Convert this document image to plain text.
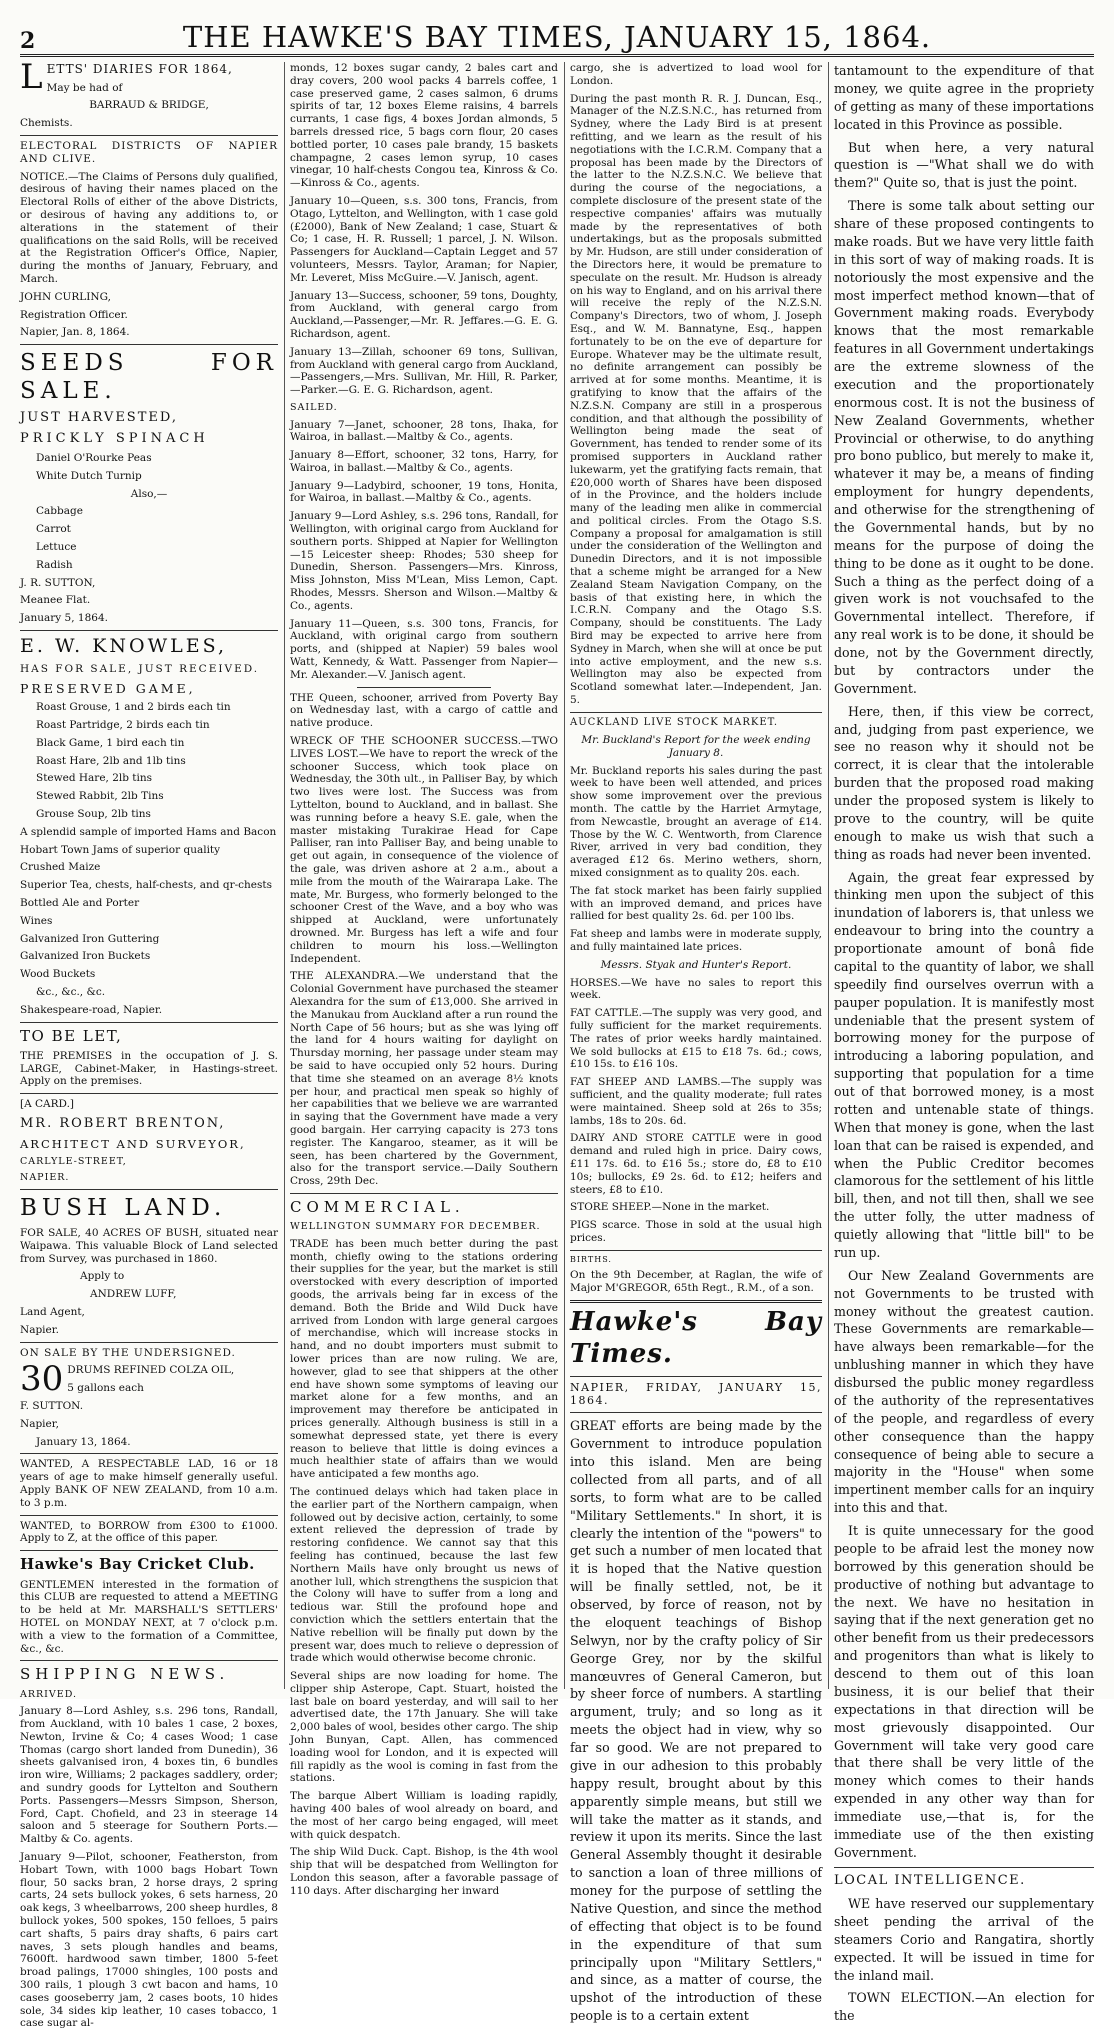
2	THE HAWKE'S BAY TIMES, JANUARY 15, 1864.

LETTS' DIARIES FOR 1864,

May be had of

BARRAUD & BRIDGE,

Chemists.

ELECTORAL DISTRICTS OF NAPIER AND CLIVE.

NOTICE.—The Claims of Persons duly qualified, desirous of having their names placed on the Electoral Rolls of either of the above Districts, or desirous of having any additions to, or alterations in the statement of their qualifications on the said Rolls, will be received at the Registration Officer's Office, Napier, during the months of January, February, and March.

JOHN CURLING,

Registration Officer.

Napier, Jan. 8, 1864.

SEEDS FOR SALE.

JUST HARVESTED,

PRICKLY SPINACH

Daniel O'Rourke Peas

White Dutch Turnip

Also,—

Cabbage

Carrot

Lettuce

Radish

J. R. SUTTON,

Meanee Flat.

January 5, 1864.

E. W. KNOWLES,

HAS FOR SALE, JUST RECEIVED.

PRESERVED GAME,

Roast Grouse, 1 and 2 birds each tin

Roast Partridge, 2 birds each tin

Black Game, 1 bird each tin

Roast Hare, 2lb and 1lb tins

Stewed Hare, 2lb tins

Stewed Rabbit, 2lb Tins

Grouse Soup, 2lb tins

A splendid sample of imported Hams and Bacon

Hobart Town Jams of superior quality

Crushed Maize

Superior Tea, chests, half-chests, and qr-chests

Bottled Ale and Porter

Wines

Galvanized Iron Guttering

Galvanized Iron Buckets

Wood Buckets

&c., &c., &c.

Shakespeare-road, Napier.

TO BE LET,

THE PREMISES in the occupation of J. S. LARGE, Cabinet-Maker, in Hastings-street. Apply on the premises.

[A CARD.]

MR. ROBERT BRENTON,

ARCHITECT AND SURVEYOR,

CARLYLE-STREET,

NAPIER.

BUSH LAND.

FOR SALE, 40 ACRES OF BUSH, situated near Waipawa. This valuable Block of Land selected from Survey, was purchased in 1860.

Apply to

ANDREW LUFF,

Land Agent,

Napier.

ON SALE BY THE UNDERSIGNED.

30 DRUMS REFINED COLZA OIL,

5 gallons each

F. SUTTON.

Napier,

January 13, 1864.

WANTED, A RESPECTABLE LAD, 16 or 18 years of age to make himself generally useful. Apply BANK OF NEW ZEALAND, from 10 a.m. to 3 p.m.

WANTED, to BORROW from £300 to £1000. Apply to Z, at the office of this paper.

Hawke's Bay Cricket Club.

GENTLEMEN interested in the formation of this CLUB are requested to attend a MEETING to be held at Mr. MARSHALL'S SETTLERS' HOTEL on MONDAY NEXT, at 7 o'clock p.m. with a view to the formation of a Committee, &c., &c.

SHIPPING NEWS.

ARRIVED.

January 8—Lord Ashley, s.s. 296 tons, Randall, from Auckland, with 10 bales 1 case, 2 boxes, Newton, Irvine & Co; 4 cases Wood; 1 case Thomas (cargo short landed from Dunedin), 36 sheets galvanised iron, 4 boxes tin, 6 bundles iron wire, Williams; 2 packages saddlery, order; and sundry goods for Lyttelton and Southern Ports. Passengers—Messrs Simpson, Sherson, Ford, Capt. Chofield, and 23 in steerage 14 saloon and 5 steerage for Southern Ports.—Maltby & Co. agents.

January 9—Pilot, schooner, Featherston, from Hobart Town, with 1000 bags Hobart Town flour, 50 sacks bran, 2 horse drays, 2 spring carts, 24 sets bullock yokes, 6 sets harness, 20 oak kegs, 3 wheelbarrows, 200 sheep hurdles, 8 bullock yokes, 500 spokes, 150 felloes, 5 pairs cart shafts, 5 pairs dray shafts, 6 pairs cart naves, 3 sets plough handles and beams, 7600ft. hardwood sawn timber, 1800 5-feet broad palings, 17000 shingles, 100 posts and 300 rails, 1 plough 3 cwt bacon and hams, 10 cases gooseberry jam, 2 cases boots, 10 hides sole, 34 sides kip leather, 10 cases tobacco, 1 case sugar al-

monds, 12 boxes sugar candy, 2 bales cart and dray covers, 200 wool packs 4 barrels coffee, 1 case preserved game, 2 cases salmon, 6 drums spirits of tar, 12 boxes Eleme raisins, 4 barrels currants, 1 case figs, 4 boxes Jordan almonds, 5 barrels dressed rice, 5 bags corn flour, 20 cases bottled porter, 10 cases pale brandy, 15 baskets champagne, 2 cases lemon syrup, 10 cases vinegar, 10 half-chests Congou tea, Kinross & Co.—Kinross & Co., agents.

January 10—Queen, s.s. 300 tons, Francis, from Otago, Lyttelton, and Wellington, with 1 case gold (£2000), Bank of New Zealand; 1 case, Stuart & Co; 1 case, H. R. Russell; 1 parcel, J. N. Wilson. Passengers for Auckland—Captain Legget and 57 volunteers, Messrs. Taylor, Araman; for Napier, Mr. Leveret, Miss McGuire.—V. Janisch, agent.

January 13—Success, schooner, 59 tons, Doughty, from Auckland, with general cargo from Auckland,—Passenger,—Mr. R. Jeffares.—G. E. G. Richardson, agent.

January 13—Zillah, schooner 69 tons, Sullivan, from Auckland with general cargo from Auckland,—Passengers,—Mrs. Sullivan, Mr. Hill, R. Parker,—Parker.—G. E. G. Richardson, agent.

SAILED.

January 7—Janet, schooner, 28 tons, Ihaka, for Wairoa, in ballast.—Maltby & Co., agents.

January 8—Effort, schooner, 32 tons, Harry, for Wairoa, in ballast.—Maltby & Co., agents.

January 9—Ladybird, schooner, 19 tons, Honita, for Wairoa, in ballast.—Maltby & Co., agents.

January 9—Lord Ashley, s.s. 296 tons, Randall, for Wellington, with original cargo from Auckland for southern ports. Shipped at Napier for Wellington—15 Leicester sheep: Rhodes; 530 sheep for Dunedin, Sherson. Passengers—Mrs. Kinross, Miss Johnston, Miss M'Lean, Miss Lemon, Capt. Rhodes, Messrs. Sherson and Wilson.—Maltby & Co., agents.

January 11—Queen, s.s. 300 tons, Francis, for Auckland, with original cargo from southern ports, and (shipped at Napier) 59 bales wool Watt, Kennedy, & Watt. Passenger from Napier—Mr. Alexander.—V. Janisch agent.

THE Queen, schooner, arrived from Poverty Bay on Wednesday last, with a cargo of cattle and native produce.

WRECK OF THE SCHOONER SUCCESS.—TWO LIVES LOST.—We have to report the wreck of the schooner Success, which took place on Wednesday, the 30th ult., in Palliser Bay, by which two lives were lost. The Success was from Lyttelton, bound to Auckland, and in ballast. She was running before a heavy S.E. gale, when the master mistaking Turakirae Head for Cape Palliser, ran into Palliser Bay, and being unable to get out again, in consequence of the violence of the gale, was driven ashore at 2 a.m., about a mile from the mouth of the Wairarapa Lake. The mate, Mr. Burgess, who formerly belonged to the schooner Crest of the Wave, and a boy who was shipped at Auckland, were unfortunately drowned. Mr. Burgess has left a wife and four children to mourn his loss.—Wellington Independent.

THE ALEXANDRA.—We understand that the Colonial Government have purchased the steamer Alexandra for the sum of £13,000. She arrived in the Manukau from Auckland after a run round the North Cape of 56 hours; but as she was lying off the land for 4 hours waiting for daylight on Thursday morning, her passage under steam may be said to have occupied only 52 hours. During that time she steamed on an average 8½ knots per hour, and practical men speak so highly of her capabilities that we believe we are warranted in saying that the Government have made a very good bargain. Her carrying capacity is 273 tons register. The Kangaroo, steamer, as it will be seen, has been chartered by the Government, also for the transport service.—Daily Southern Cross, 29th Dec.

COMMERCIAL.

WELLINGTON SUMMARY FOR DECEMBER.

TRADE has been much better during the past month, chiefly owing to the stations ordering their supplies for the year, but the market is still overstocked with every description of imported goods, the arrivals being far in excess of the demand. Both the Bride and Wild Duck have arrived from London with large general cargoes of merchandise, which will increase stocks in hand, and no doubt importers must submit to lower prices than are now ruling. We are, however, glad to see that shippers at the other end have shown some symptoms of leaving our market alone for a few months, and an improvement may therefore be anticipated in prices generally. Although business is still in a somewhat depressed state, yet there is every reason to believe that little is doing evinces a much healthier state of affairs than we would have anticipated a few months ago.

The continued delays which had taken place in the earlier part of the Northern campaign, when followed out by decisive action, certainly, to some extent relieved the depression of trade by restoring confidence. We cannot say that this feeling has continued, because the last few Northern Mails have only brought us news of another lull, which strengthens the suspicion that the Colony will have to suffer from a long and tedious war. Still the profound hope and conviction which the settlers entertain that the Native rebellion will be finally put down by the present war, does much to relieve o depression of trade which would otherwise become chronic.

Several ships are now loading for home. The clipper ship Asterope, Capt. Stuart, hoisted the last bale on board yesterday, and will sail to her advertised date, the 17th January. She will take 2,000 bales of wool, besides other cargo. The ship John Bunyan, Capt. Allen, has commenced loading wool for London, and it is expected will fill rapidly as the wool is coming in fast from the stations.

The barque Albert William is loading rapidly, having 400 bales of wool already on board, and the most of her cargo being engaged, will meet with quick despatch.

The ship Wild Duck. Capt. Bishop, is the 4th wool ship that will be despatched from Wellington for London this season, after a favorable passage of 110 days. After discharging her inward

cargo, she is advertized to load wool for London.

During the past month R. R. J. Duncan, Esq., Manager of the N.Z.S.N.C., has returned from Sydney, where the Lady Bird is at present refitting, and we learn as the result of his negotiations with the I.C.R.M. Company that a proposal has been made by the Directors of the latter to the N.Z.S.N.C. We believe that during the course of the negociations, a complete disclosure of the present state of the respective companies' affairs was mutually made by the representatives of both undertakings, but as the proposals submitted by Mr. Hudson, are still under consideration of the Directors here, it would be premature to speculate on the result. Mr. Hudson is already on his way to England, and on his arrival there will receive the reply of the N.Z.S.N. Company's Directors, two of whom, J. Joseph Esq., and W. M. Bannatyne, Esq., happen fortunately to be on the eve of departure for Europe. Whatever may be the ultimate result, no definite arrangement can possibly be arrived at for some months. Meantime, it is gratifying to know that the affairs of the N.Z.S.N. Company are still in a prosperous condition, and that although the possibility of Wellington being made the seat of Government, has tended to render some of its promised supporters in Auckland rather lukewarm, yet the gratifying facts remain, that £20,000 worth of Shares have been disposed of in the Province, and the holders include many of the leading men alike in commercial and political circles. From the Otago S.S. Company a proposal for amalgamation is still under the consideration of the Wellington and Dunedin Directors, and it is not impossible that a scheme might be arranged for a New Zealand Steam Navigation Company, on the basis of that existing here, in which the I.C.R.N. Company and the Otago S.S. Company, should be constituents. The Lady Bird may be expected to arrive here from Sydney in March, when she will at once be put into active employment, and the new s.s. Wellington may also be expected from Scotland somewhat later.—Independent, Jan. 5.

AUCKLAND LIVE STOCK MARKET.

Mr. Buckland's Report for the week ending January 8.

Mr. Buckland reports his sales during the past week to have been well attended, and prices show some improvement over the previous month. The cattle by the Harriet Armytage, from Newcastle, brought an average of £14. Those by the W. C. Wentworth, from Clarence River, arrived in very bad condition, they averaged £12 6s. Merino wethers, shorn, mixed consignment as to quality 20s. each.

The fat stock market has been fairly supplied with an improved demand, and prices have rallied for best quality 2s. 6d. per 100 lbs.

Fat sheep and lambs were in moderate supply, and fully maintained late prices.

Messrs. Styak and Hunter's Report.

HORSES.—We have no sales to report this week.

FAT CATTLE.—The supply was very good, and fully sufficient for the market requirements. The rates of prior weeks hardly maintained. We sold bullocks at £15 to £18 7s. 6d.; cows, £10 15s. to £16 10s.

FAT SHEEP AND LAMBS.—The supply was sufficient, and the quality moderate; full rates were maintained. Sheep sold at 26s to 35s; lambs, 18s to 20s. 6d.

DAIRY AND STORE CATTLE were in good demand and ruled high in price. Dairy cows, £11 17s. 6d. to £16 5s.; store do, £8 to £10 10s; bullocks, £9 2s. 6d. to £12; heifers and steers, £8 to £10.

STORE SHEEP.—None in the market.

PIGS scarce. Those in sold at the usual high prices.

BIRTHS.

On the 9th December, at Raglan, the wife of Major M'GREGOR, 65th Regt., R.M., of a son.

Hawke's Bay Times.

NAPIER, FRIDAY, JANUARY 15, 1864.

GREAT efforts are being made by the Government to introduce population into this island. Men are being collected from all parts, and of all sorts, to form what are to be called "Military Settlements." In short, it is clearly the intention of the "powers" to get such a number of men located that it is hoped that the Native question will be finally settled, not, be it observed, by force of reason, not by the eloquent teachings of Bishop Selwyn, nor by the crafty policy of Sir George Grey, nor by the skilful manœuvres of General Cameron, but by sheer force of numbers. A startling argument, truly; and so long as it meets the object had in view, why so far so good. We are not prepared to give in our adhesion to this probably happy result, brought about by this apparently simple means, but still we will take the matter as it stands, and review it upon its merits. Since the last General Assembly thought it desirable to sanction a loan of three millions of money for the purpose of settling the Native Question, and since the method of effecting that object is to be found in the expenditure of that sum principally upon "Military Settlers," and since, as a matter of course, the upshot of the introduction of these people is to a certain extent

tantamount to the expenditure of that money, we quite agree in the propriety of getting as many of these importations located in this Province as possible.

But when here, a very natural question is —"What shall we do with them?" Quite so, that is just the point.

There is some talk about setting our share of these proposed contingents to make roads. But we have very little faith in this sort of way of making roads. It is notoriously the most expensive and the most imperfect method known—that of Government making roads. Everybody knows that the most remarkable features in all Government undertakings are the extreme slowness of the execution and the proportionately enormous cost. It is not the business of New Zealand Governments, whether Provincial or otherwise, to do anything pro bono publico, but merely to make it, whatever it may be, a means of finding employment for hungry dependents, and otherwise for the strengthening of the Governmental hands, but by no means for the purpose of doing the thing to be done as it ought to be done. Such a thing as the perfect doing of a given work is not vouchsafed to the Governmental intellect. Therefore, if any real work is to be done, it should be done, not by the Government directly, but by contractors under the Government.

Here, then, if this view be correct, and, judging from past experience, we see no reason why it should not be correct, it is clear that the intolerable burden that the proposed road making under the proposed system is likely to prove to the country, will be quite enough to make us wish that such a thing as roads had never been invented.

Again, the great fear expressed by thinking men upon the subject of this inundation of laborers is, that unless we endeavour to bring into the country a proportionate amount of bonâ fide capital to the quantity of labor, we shall speedily find ourselves overrun with a pauper population. It is manifestly most undeniable that the present system of borrowing money for the purpose of introducing a laboring population, and supporting that population for a time out of that borrowed money, is a most rotten and untenable state of things. When that money is gone, when the last loan that can be raised is expended, and when the Public Creditor becomes clamorous for the settlement of his little bill, then, and not till then, shall we see the utter folly, the utter madness of quietly allowing that "little bill" to be run up.

Our New Zealand Governments are not Governments to be trusted with money without the greatest caution. These Governments are remarkable—have always been remarkable—for the unblushing manner in which they have disbursed the public money regardless of the authority of the representatives of the people, and regardless of every other consequence than the happy consequence of being able to secure a majority in the "House" when some impertinent member calls for an inquiry into this and that.

It is quite unnecessary for the good people to be afraid lest the money now borrowed by this generation should be productive of nothing but advantage to the next. We have no hesitation in saying that if the next generation get no other benefit from us their predecessors and progenitors than what is likely to descend to them out of this loan business, it is our belief that their expectations in that direction will be most grievously disappointed. Our Government will take very good care that there shall be very little of the money which comes to their hands expended in any other way than for immediate use,—that is, for the immediate use of the then existing Government.

LOCAL INTELLIGENCE.

WE have reserved our supplementary sheet pending the arrival of the steamers Corio and Rangatira, shortly expected. It will be issued in time for the inland mail.

TOWN ELECTION.—An election for the
